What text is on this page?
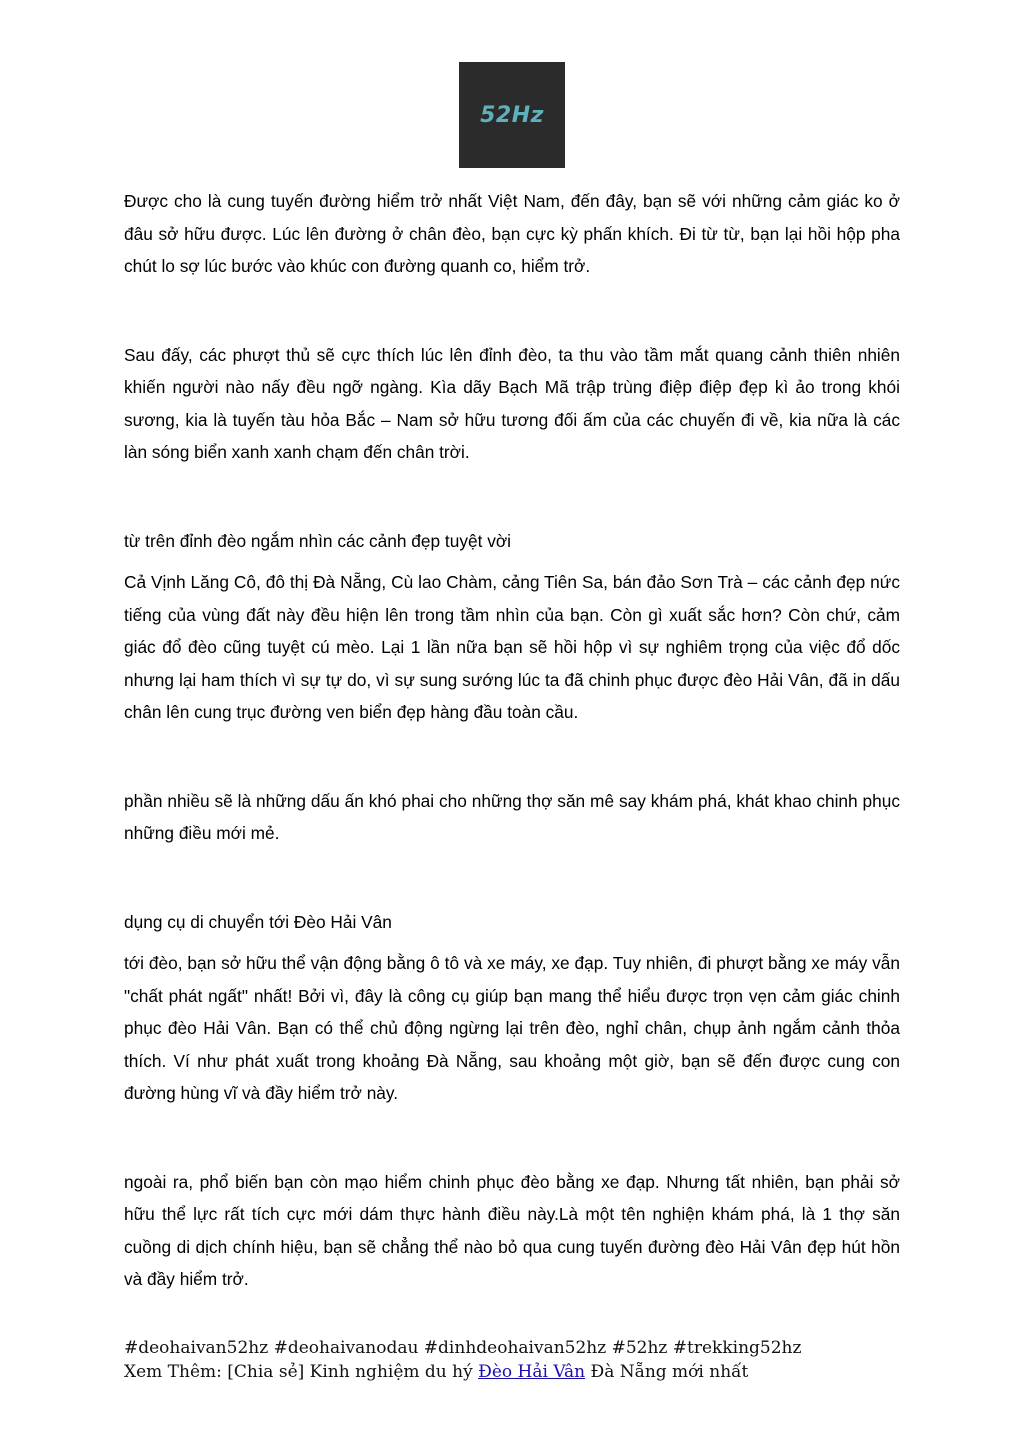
52Hz

Được cho là cung tuyến đường hiểm trở nhất Việt Nam, đến đây, bạn sẽ với những cảm giác ko ở đâu sở hữu được. Lúc lên đường ở chân đèo, bạn cực kỳ phấn khích. Đi từ từ, bạn lại hồi hộp pha chút lo sợ lúc bước vào khúc con đường quanh co, hiểm trở.

Sau đấy, các phượt thủ sẽ cực thích lúc lên đỉnh đèo, ta thu vào tầm mắt quang cảnh thiên nhiên khiến người nào nấy đều ngỡ ngàng. Kìa dãy Bạch Mã trập trùng điệp điệp đẹp kì ảo trong khói sương, kia là tuyến tàu hỏa Bắc – Nam sở hữu tương đối ấm của các chuyến đi về, kia nữa là các làn sóng biển xanh xanh chạm đến chân trời.

từ trên đỉnh đèo ngắm nhìn các cảnh đẹp tuyệt vời

Cả Vịnh Lăng Cô, đô thị Đà Nẵng, Cù lao Chàm, cảng Tiên Sa, bán đảo Sơn Trà – các cảnh đẹp nức tiếng của vùng đất này đều hiện lên trong tầm nhìn của bạn. Còn gì xuất sắc hơn? Còn chứ, cảm giác đổ đèo cũng tuyệt cú mèo. Lại 1 lần nữa bạn sẽ hồi hộp vì sự nghiêm trọng của việc đổ dốc nhưng lại ham thích vì sự tự do, vì sự sung sướng lúc ta đã chinh phục được đèo Hải Vân, đã in dấu chân lên cung trục đường ven biển đẹp hàng đầu toàn cầu.

phần nhiều sẽ là những dấu ấn khó phai cho những thợ săn mê say khám phá, khát khao chinh phục những điều mới mẻ.

dụng cụ di chuyển tới Đèo Hải Vân

tới đèo, bạn sở hữu thể vận động bằng ô tô và xe máy, xe đạp. Tuy nhiên, đi phượt bằng xe máy vẫn "chất phát ngất" nhất! Bởi vì, đây là công cụ giúp bạn mang thể hiểu được trọn vẹn cảm giác chinh phục đèo Hải Vân. Bạn có thể chủ động ngừng lại trên đèo, nghỉ chân, chụp ảnh ngắm cảnh thỏa thích. Ví như phát xuất trong khoảng Đà Nẵng, sau khoảng một giờ, bạn sẽ đến được cung con đường hùng vĩ và đầy hiểm trở này.

ngoài ra, phổ biến bạn còn mạo hiểm chinh phục đèo bằng xe đạp. Nhưng tất nhiên, bạn phải sở hữu thể lực rất tích cực mới dám thực hành điều này.Là một tên nghiện khám phá, là 1 thợ săn cuồng di dịch chính hiệu, bạn sẽ chẳng thể nào bỏ qua cung tuyến đường đèo Hải Vân đẹp hút hồn và đầy hiểm trở.

#deohaivan52hz #deohaivanodau #dinhdeohaivan52hz #52hz #trekking52hz
Xem Thêm: [Chia sẻ] Kinh nghiệm du hý Đèo Hải Vân Đà Nẵng mới nhất
